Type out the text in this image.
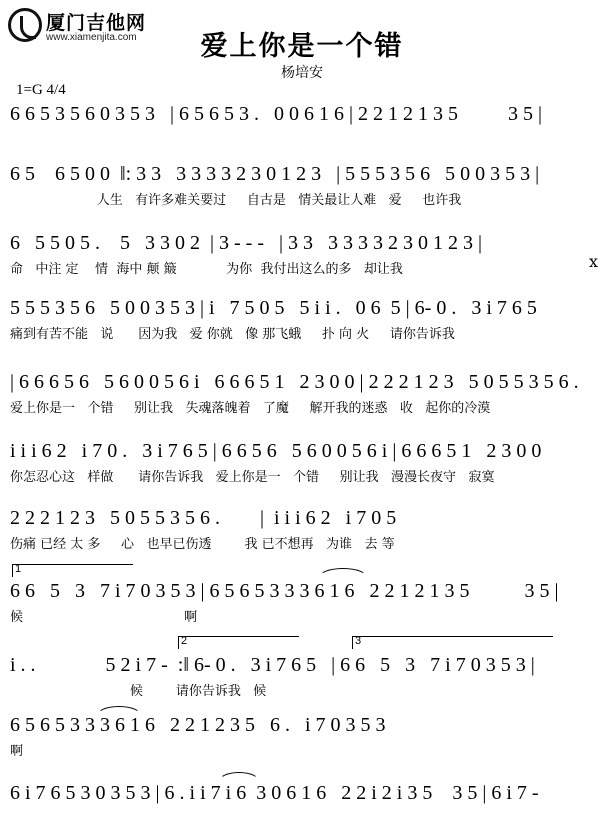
厦门吉他网
www.xiamenjita.com	爱上你是一个错
杨培安
1=G 4/4
6 6 5 3 5 6 0 3 5 3   | 6 5 6 5 3 .   0 0 6 1 6 | 2 2 1 2 1 3 5          3 5 |
6 5    6 5 0 0  ‖: 3 3   3 3 3 3 2 3 0 1 2 3   | 5 5 5 3 5 6   5 0 0 3 5 3 |
人生   有许多难关要过     自古是   情关最让人难   爱     也许我
6   5 5 0 5 .    5   3 3 0 2  | 3 - - -   | 3 3   3 3 3 3 2 3 0 1 2 3 |
命   中注 定    情  海中 颠 簸            为你  我付出这么的多   却让我	x
5 5 5 3 5 6   5 0 0 3 5 3 | i   7 5 0 5   5 i i .   0 6  5 | 6- 0 .   3 i 7 6 5
痛到有苦不能   说      因为我   爱 你就   像 那飞蛾     扑 向 火     请你告诉我
| 6 6 6 5 6   5 6 0 0 5 6 i   6 6 6 5 1   2 3 0 0 | 2 2 2 1 2 3   5 0 5 5 3 5 6 .
爱上你是一   个错     别让我   失魂落魄着   了魔     解开我的迷惑   收   起你的冷漠
i i i 6 2   i 7 0 .   3 i 7 6 5 | 6 6 5 6   5 6 0 0 5 6 i | 6 6 6 5 1   2 3 0 0
你怎忍心这   样做      请你告诉我   爱上你是一   个错     别让我   漫漫长夜守   寂寞
2 2 2 1 2 3   5 0 5 5 3 5 6 .        |  i i i 6 2   i 7 0 5
伤痛 已经 太 多     心   也早已伤透        我 已不想再   为谁   去 等
1
6 6   5   3   7 i 7 0 3 5 3 | 6 5 6 5 3 3 3 6 1 6   2 2 1 2 1 3 5           3 5 |
候                                       啊
2	3
i . .              5 2 i 7 -  :‖ 6- 0 .   3 i 7 6 5   | 6 6   5   3   7 i 7 0 3 5 3 |
候        请你告诉我   候
6 5 6 5 3 3 3 6 1 6   2 2 1 2 3 5   6 .   i 7 0 3 5 3
啊
6 i 7 6 5 3 0 3 5 3 | 6 . i i 7 i 6  3 0 6 1 6   2 2 i 2 i 3 5    3 5 | 6 i 7 -
